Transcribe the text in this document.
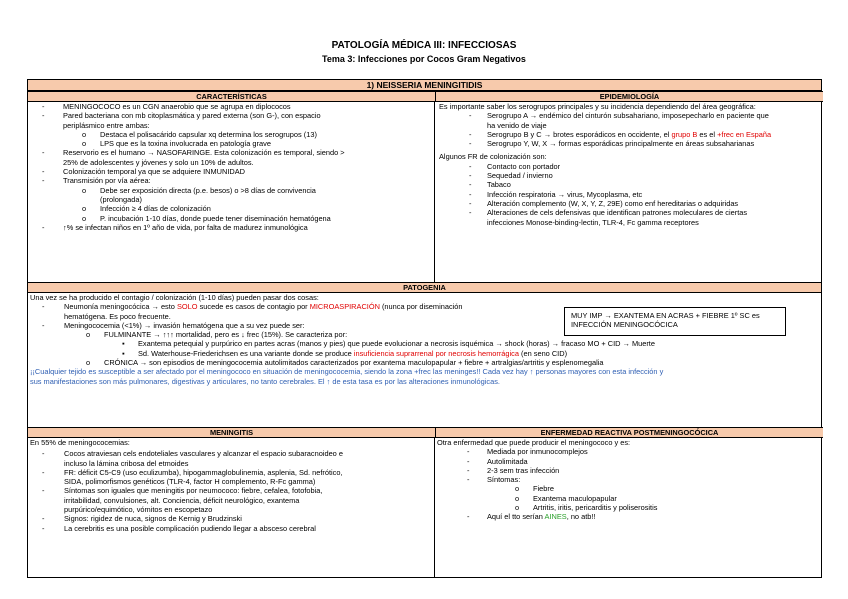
PATOLOGÍA MÉDICA III: INFECCIOSAS
Tema 3: Infecciones por Cocos Gram Negativos
1) NEISSERIA MENINGITIDIS
CARACTERÍSTICAS	EPIDEMIOLOGÍA
-	MENINGOCOCO es un CGN anaerobio que se agrupa en diplococos
-	Pared bacteriana con mb citoplasmática y pared externa (son G-), con espacio
periplásmico entre ambas:
o Destaca el polisacárido capsular xq determina los serogrupos (13)
o LPS que es la toxina involucrada en patología grave
-	Reservorio es el humano → NASOFARINGE. Esta colonización es temporal, siendo >
25% de adolescentes y jóvenes y solo un 10% de adultos.
-	Colonización temporal ya que se adquiere INMUNIDAD
-	Transmisión por vía aérea:
o Debe ser exposición directa (p.e. besos) o >8 días de convivencia
(prolongada)
o Infección ≥ 4 días de colonización
o P. incubación 1-10 días, donde puede tener diseminación hematógena
-	↑% se infectan niños en 1º año de vida, por falta de madurez inmunológica
Es importante saber los serogrupos principales y su incidencia dependiendo del área geográfica:
- Serogrupo A → endémico del cinturón subsahariano, imposepecharlo en paciente que
ha venido de viaje
- Serogrupo B y C → brotes esporádicos en occidente, el grupo B es el +frec en España
- Serogrupo Y, W, X → formas esporádicas principalmente en áreas subsaharianas
Algunos FR de colonización son:
- Contacto con portador
- Sequedad / invierno
- Tabaco
- Infección respiratoria → virus, Mycoplasma, etc
- Alteración complemento (W, X, Y, Z, 29E) como enf hereditarias o adquiridas
- Alteraciones de cels defensivas que identifican patrones moleculares de ciertas
infecciones Monose-binding-lectin, TLR-4, Fc gamma receptores
PATOGENIA
Una vez se ha producido el contagio / colonización (1-10 días) pueden pasar dos cosas:
-	Neumonía meningocócica → esto SOLO sucede es casos de contagio por MICROASPIRACIÓN (nunca por diseminación
hematógena. Es poco frecuente.
-	Meningococemia (<1%) → invasión hematógena que a su vez puede ser:
o FULMINANTE → ↑↑↑ mortalidad, pero es ↓ frec (15%). Se caracteriza por:
▪ Exantema petequial y purpúrico en partes acras (manos y pies) que puede evolucionar a necrosis isquémica → shock (horas) → fracaso MO + CID → Muerte
▪ Sd. Waterhouse-Friederichsen es una variante donde se produce insuficiencia suprarrenal por necrosis hemorrágica (en seno CID)
o CRÓNICA → son episodios de meningococemia autolimitados caracterizados por exantema maculopapular + fiebre + artralgias/artritis y esplenomegalia
¡¡Cualquier tejido es susceptible a ser afectado por el meningococo en situación de meningococemia, siendo la zona +frec las meninges!! Cada vez hay ↑ personas mayores con esta infección y
sus manifestaciones son más pulmonares, digestivas y articulares, no tanto cerebrales. El ↑ de esta tasa es por las alteraciones inmunológicas.
MUY IMP → EXANTEMA EN ACRAS + FIEBRE 1º SC es
INFECCIÓN MENINGOCÓCICA
MENINGITIS	ENFERMEDAD REACTIVA POSTMENINGOCÓCICA
En 55% de meningococemias:
-	Cocos atraviesan cels endoteliales vasculares y alcanzar el espacio subaracnoideo e
incluso la lámina cribosa del etmoides
-	FR: déficit C5-C9 (uso eculizumba), hipogammaglobulinemia, asplenia, Sd. nefrótico,
SIDA, polimorfismos genéticos (TLR-4, factor H complemento, R-Fc gamma)
-	Síntomas son iguales que meningitis por neumococo: fiebre, cefalea, fotofobia,
irritabilidad, convulsiones, alt. Conciencia, déficit neurológico, exantema
purpúrico/equimótico, vómitos en escopetazo
-	Signos: rigidez de nuca, signos de Kernig y Brudzinski
-	La cerebritis es una posible complicación pudiendo llegar a absceso cerebral
Otra enfermedad que puede producir el meningococo y es:
- Mediada por inmunocomplejos
- Autolimitada
- 2-3 sem tras infección
- Síntomas:
o Fiebre
o Exantema maculopapular
o Artritis, iritis, pericarditis y poliserositis
- Aquí el tto serían AINES, no atb!!
